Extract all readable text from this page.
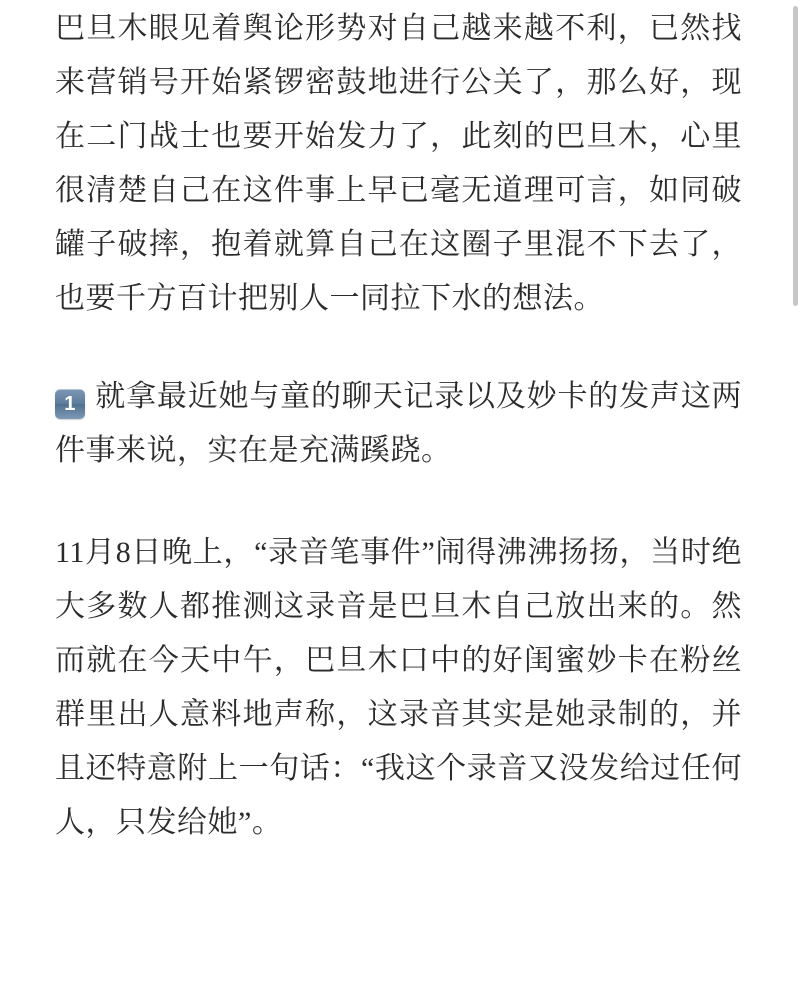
巴旦木眼见着舆论形势对自己越来越不利，已然找来营销号开始紧锣密鼓地进行公关了，那么好，现在二门战士也要开始发力了，此刻的巴旦木，心里很清楚自己在这件事上早已毫无道理可言，如同破罐子破摔，抱着就算自己在这圈子里混不下去了，也要千方百计把别人一同拉下水的想法。

1 就拿最近她与童的聊天记录以及妙卡的发声这两件事来说，实在是充满蹊跷。

11月8日晚上，“录音笔事件”闹得沸沸扬扬，当时绝大多数人都推测这录音是巴旦木自己放出来的。然而就在今天中午，巴旦木口中的好闺蜜妙卡在粉丝群里出人意料地声称，这录音其实是她录制的，并且还特意附上一句话：“我这个录音又没发给过任何人，只发给她”。
